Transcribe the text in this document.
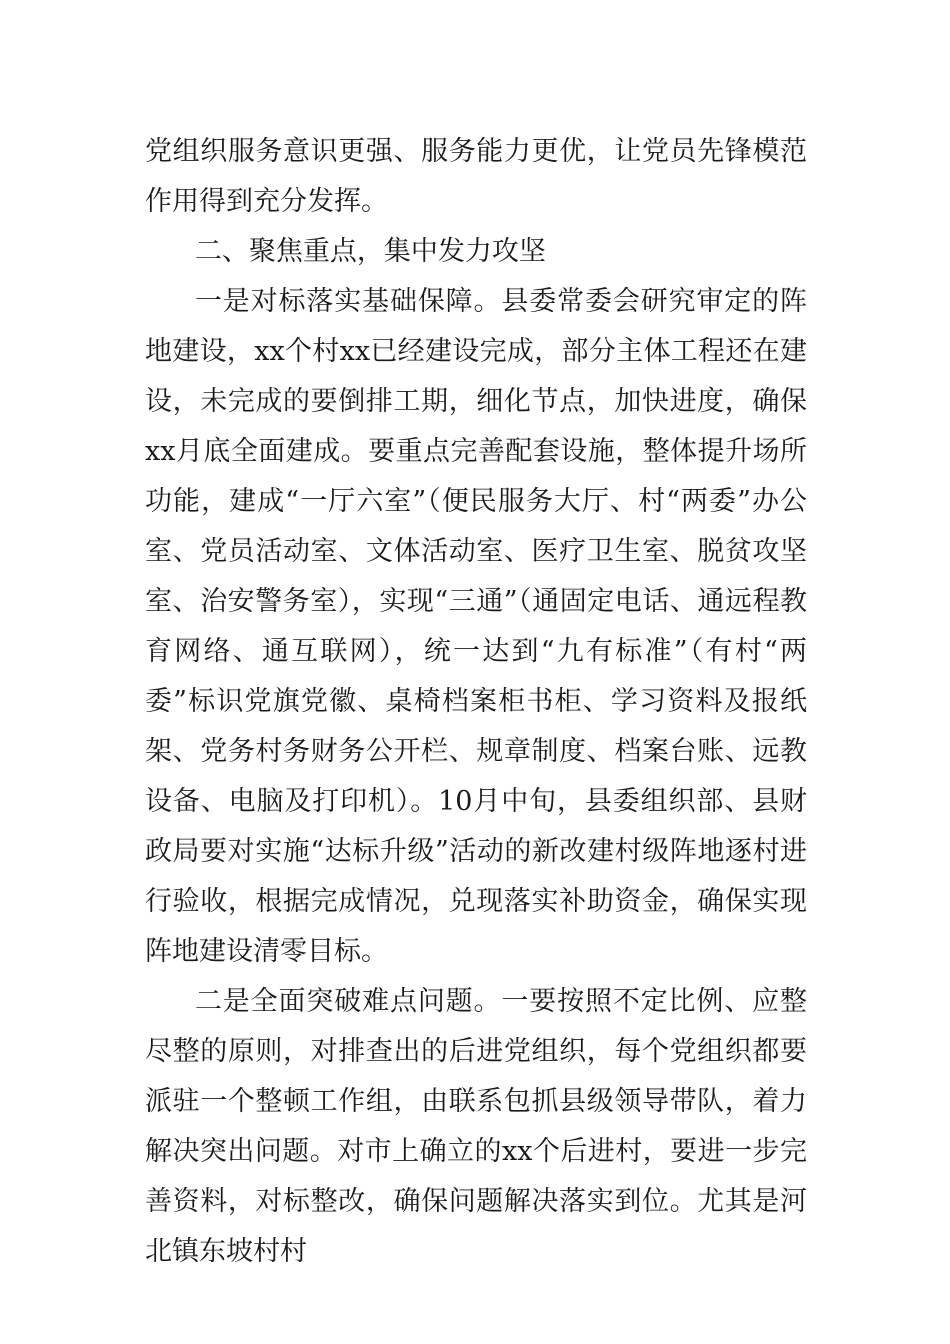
党组织服务意识更强、服务能力更优，让党员先锋模范作用得到充分发挥。

二、聚焦重点，集中发力攻坚

一是对标落实基础保障。县委常委会研究审定的阵地建设，xx个村xx已经建设完成，部分主体工程还在建设，未完成的要倒排工期，细化节点，加快进度，确保xx月底全面建成。要重点完善配套设施，整体提升场所功能，建成“一厅六室”（便民服务大厅、村“两委”办公室、党员活动室、文体活动室、医疗卫生室、脱贫攻坚室、治安警务室），实现“三通”（通固定电话、通远程教育网络、通互联网），统一达到“九有标准”（有村“两委”标识党旗党徽、桌椅档案柜书柜、学习资料及报纸架、党务村务财务公开栏、规章制度、档案台账、远教设备、电脑及打印机）。10月中旬，县委组织部、县财政局要对实施“达标升级”活动的新改建村级阵地逐村进行验收，根据完成情况，兑现落实补助资金，确保实现阵地建设清零目标。

二是全面突破难点问题。一要按照不定比例、应整尽整的原则，对排查出的后进党组织，每个党组织都要派驻一个整顿工作组，由联系包抓县级领导带队，着力解决突出问题。对市上确立的xx个后进村，要进一步完善资料，对标整改，确保问题解决落实到位。尤其是河北镇东坡村村
